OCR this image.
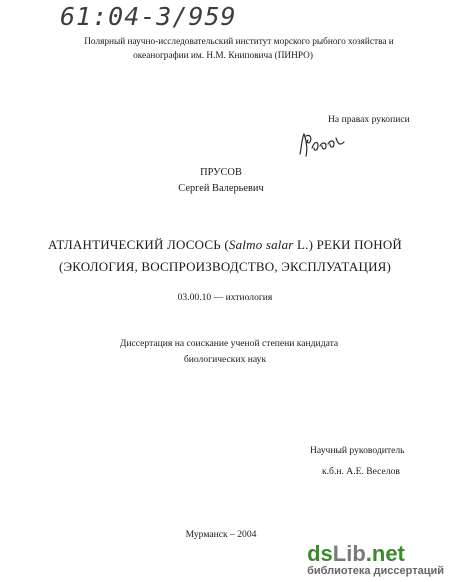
61:04-3/959
Полярный научно-исследовательский институт морского рыбного хозяйства и
океанографии им. Н.М. Книповича (ПИНРО)
На правах рукописи
ПРУСОВ
Сергей Валерьевич
АТЛАНТИЧЕСКИЙ ЛОСОСЬ (Salmo salar L.) РЕКИ ПОНОЙ
(ЭКОЛОГИЯ, ВОСПРОИЗВОДСТВО, ЭКСПЛУАТАЦИЯ)
03.00.10 — ихтиология
Диссертация на соискание ученой степени кандидата
биологических наук
Научный руководитель
к.б.н. А.Е. Веселов
Мурманск – 2004
dsLib.net
библиотека диссертаций
